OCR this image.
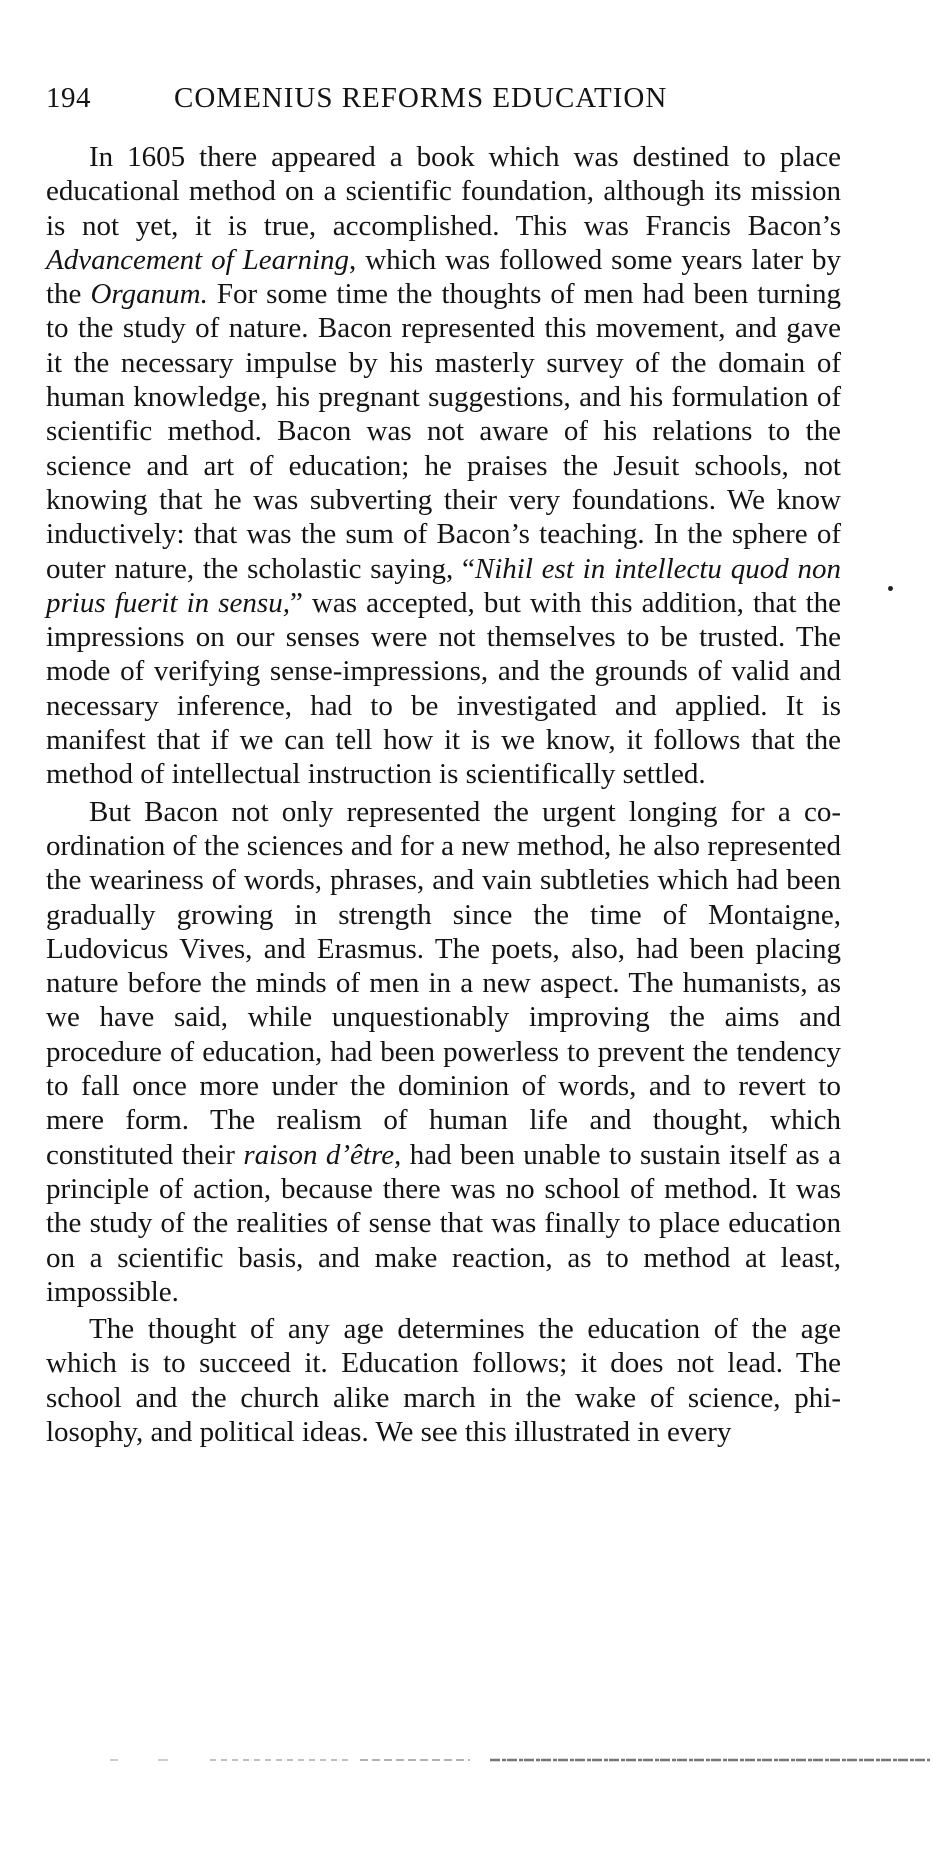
194	COMENIUS REFORMS EDUCATION

In 1605 there appeared a book which was destined to place educational method on a scientific foundation, although its mission is not yet, it is true, accomplished. This was Francis Bacon’s Advancement of Learning, which was followed some years later by the Organum. For some time the thoughts of men had been turning to the study of nature. Bacon represented this movement, and gave it the necessary impulse by his masterly survey of the domain of human knowledge, his pregnant suggestions, and his formulation of scientific method. Bacon was not aware of his relations to the science and art of education; he praises the Jesuit schools, not knowing that he was subverting their very foundations. We know inductively: that was the sum of Bacon’s teaching. In the sphere of outer nature, the scholastic saying, “Nihil est in intellectu quod non prius fuerit in sensu,” was accepted, but with this addition, that the impressions on our senses were not themselves to be trusted. The mode of verifying sense-impressions, and the grounds of valid and necessary inference, had to be investigated and applied. It is manifest that if we can tell how it is we know, it follows that the method of intellectual instruction is scientifically settled.

But Bacon not only represented the urgent longing for a coordination of the sciences and for a new method, he also represented the weariness of words, phrases, and vain subtleties which had been gradually growing in strength since the time of Montaigne, Ludovicus Vives, and Erasmus. The poets, also, had been placing nature before the minds of men in a new aspect. The humanists, as we have said, while unquestionably improving the aims and procedure of education, had been powerless to prevent the tendency to fall once more under the dominion of words, and to revert to mere form. The realism of human life and thought, which constituted their raison d’être, had been unable to sustain itself as a principle of action, because there was no school of method. It was the study of the realities of sense that was finally to place education on a scientific basis, and make reaction, as to method at least, impossible.

The thought of any age determines the education of the age which is to succeed it. Education follows; it does not lead. The school and the church alike march in the wake of science, philosophy, and political ideas. We see this illustrated in every
